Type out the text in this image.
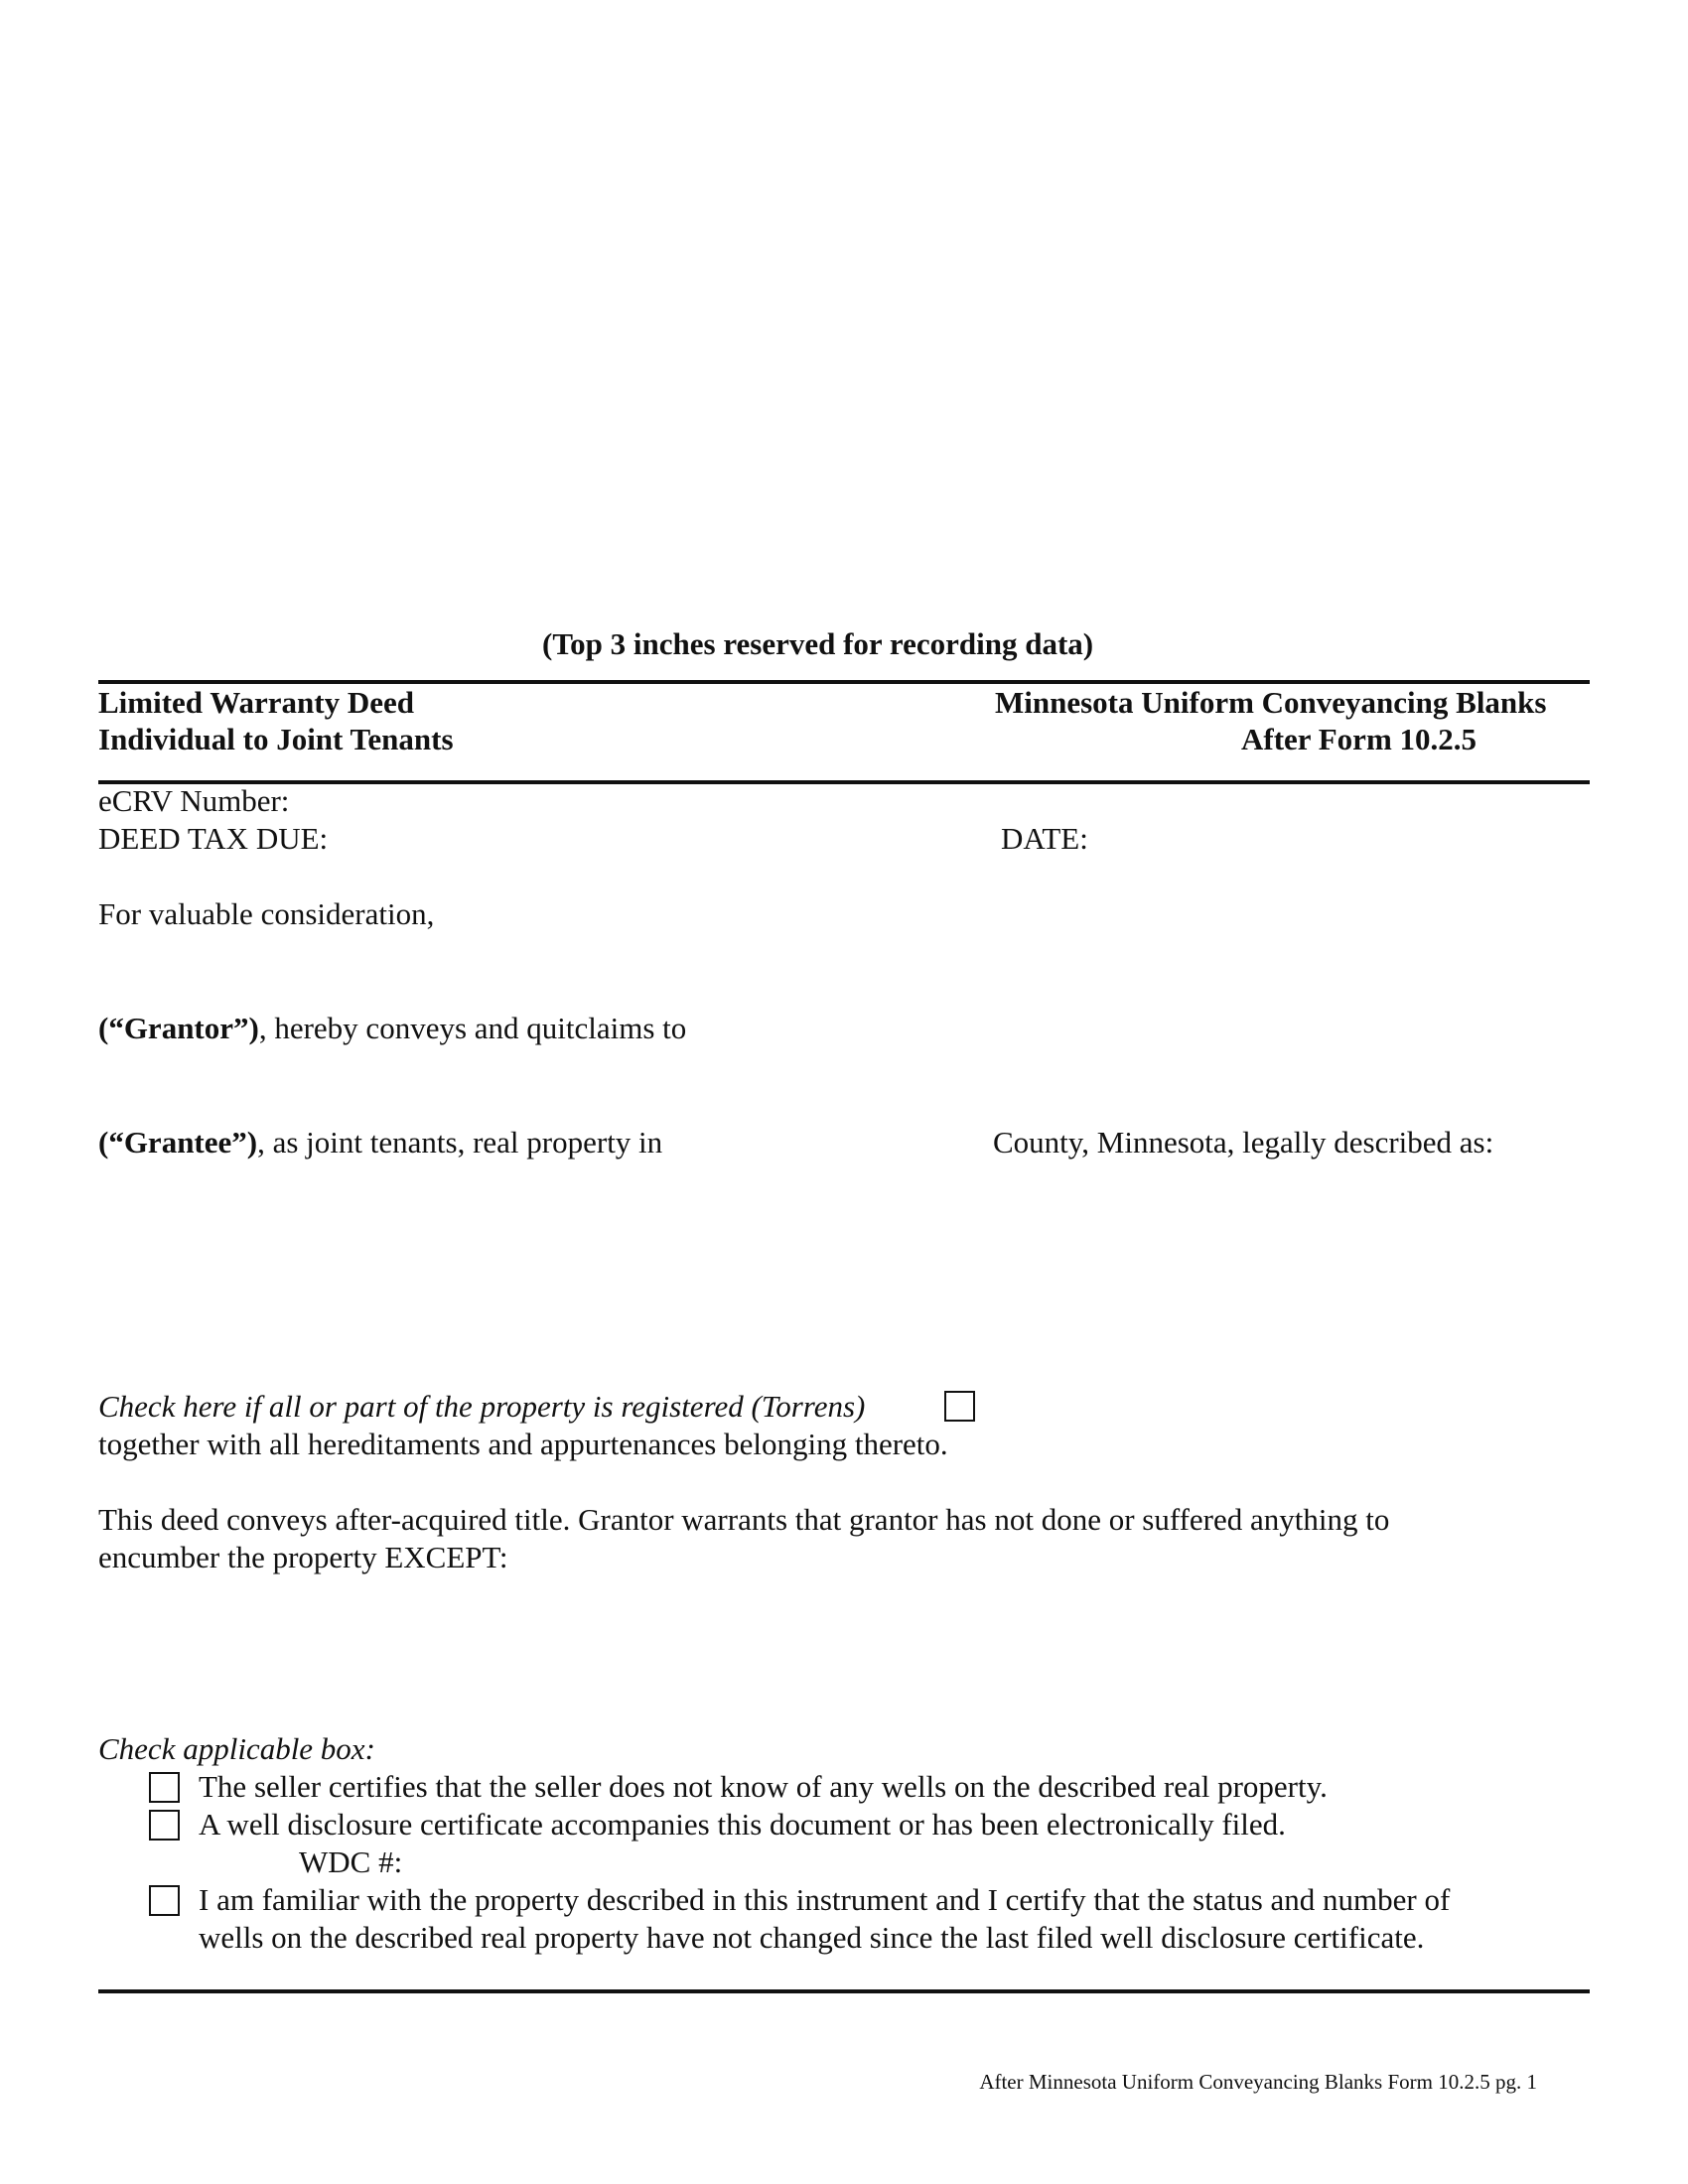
(Top 3 inches reserved for recording data)
Limited Warranty Deed
Individual to Joint Tenants
Minnesota Uniform Conveyancing Blanks
After Form 10.2.5
eCRV Number:
DEED TAX DUE:	DATE:
For valuable consideration,
(“Grantor”), hereby conveys and quitclaims to
(“Grantee”), as joint tenants, real property in	County, Minnesota, legally described as:
Check here if all or part of the property is registered (Torrens)
together with all hereditaments and appurtenances belonging thereto.
This deed conveys after-acquired title. Grantor warrants that grantor has not done or suffered anything to
encumber the property EXCEPT:
Check applicable box:
The seller certifies that the seller does not know of any wells on the described real property.
A well disclosure certificate accompanies this document or has been electronically filed.
WDC #:
I am familiar with the property described in this instrument and I certify that the status and number of
wells on the described real property have not changed since the last filed well disclosure certificate.
After Minnesota Uniform Conveyancing Blanks Form 10.2.5 pg. 1
